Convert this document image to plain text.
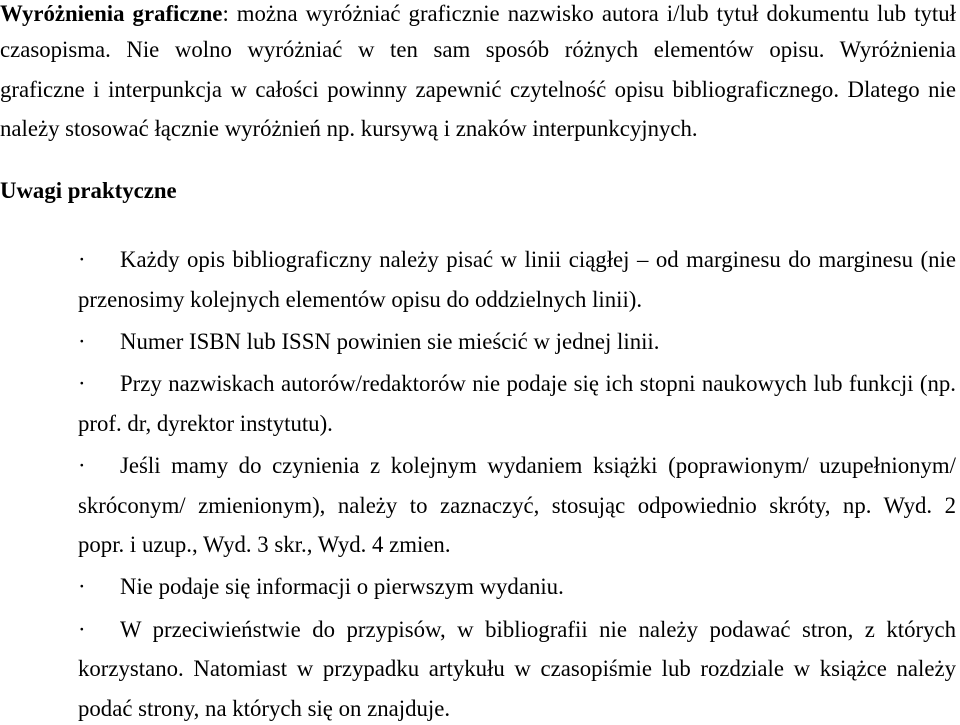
Wyróżnienia graficzne: można wyróżniać graficznie nazwisko autora i/lub tytuł dokumentu lub tytuł
czasopisma. Nie wolno wyróżniać w ten sam sposób różnych elementów opisu. Wyróżnienia
graficzne i interpunkcja w całości powinny zapewnić czytelność opisu bibliograficznego. Dlatego nie
należy stosować łącznie wyróżnień np. kursywą i znaków interpunkcyjnych.
Uwagi praktyczne
· Każdy opis bibliograficzny należy pisać w linii ciągłej – od marginesu do marginesu (nie
przenosimy kolejnych elementów opisu do oddzielnych linii).
· Numer ISBN lub ISSN powinien sie mieścić w jednej linii.
· Przy nazwiskach autorów/redaktorów nie podaje się ich stopni naukowych lub funkcji (np.
prof. dr, dyrektor instytutu).
· Jeśli mamy do czynienia z kolejnym wydaniem książki (poprawionym/ uzupełnionym/
skróconym/ zmienionym), należy to zaznaczyć, stosując odpowiednio skróty, np. Wyd. 2
popr. i uzup., Wyd. 3 skr., Wyd. 4 zmien.
· Nie podaje się informacji o pierwszym wydaniu.
· W przeciwieństwie do przypisów, w bibliografii nie należy podawać stron, z których
korzystano. Natomiast w przypadku artykułu w czasopiśmie lub rozdziale w książce należy
podać strony, na których się on znajduje.
